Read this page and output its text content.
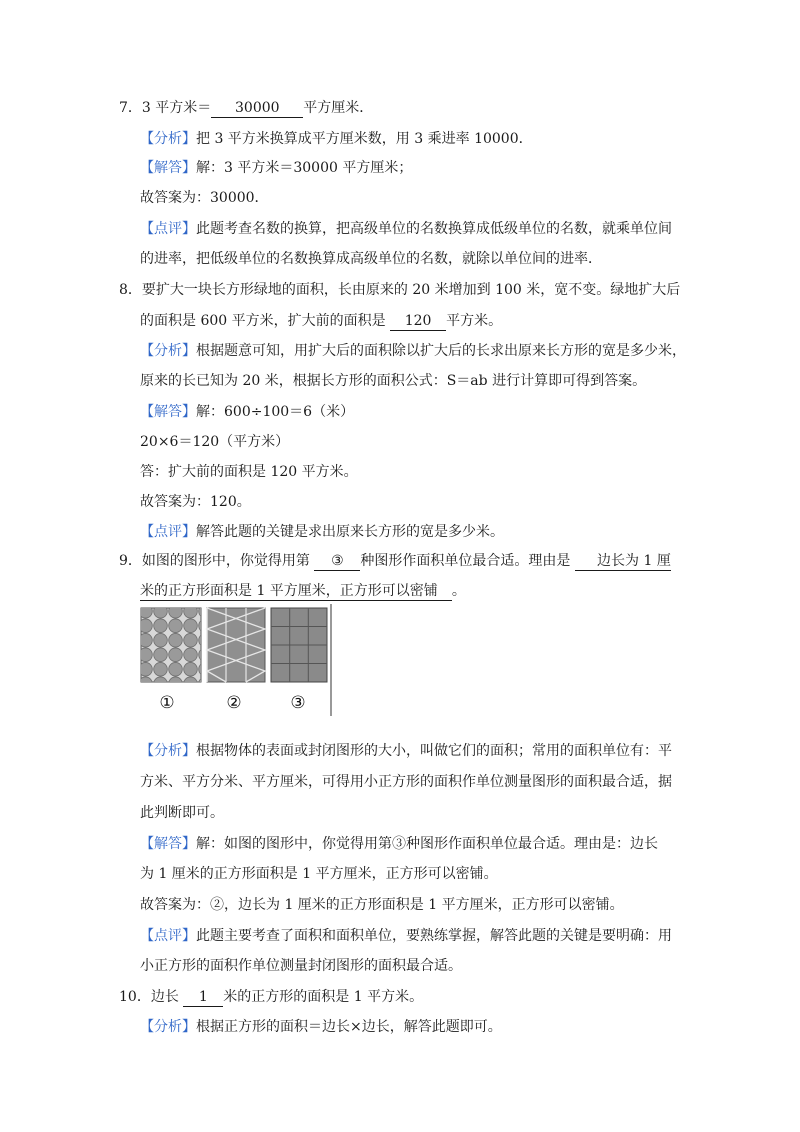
7．3 平方米＝ 30000 平方厘米．
【分析】把 3 平方米换算成平方厘米数，用 3 乘进率 10000．
【解答】解：3 平方米＝30000 平方厘米；
故答案为：30000．
【点评】此题考查名数的换算，把高级单位的名数换算成低级单位的名数，就乘单位间
的进率，把低级单位的名数换算成高级单位的名数，就除以单位间的进率．
8．要扩大一块长方形绿地的面积，长由原来的 20 米增加到 100 米，宽不变。绿地扩大后
的面积是 600 平方米，扩大前的面积是 120 平方米。
【分析】根据题意可知，用扩大后的面积除以扩大后的长求出原来长方形的宽是多少米，
原来的长已知为 20 米，根据长方形的面积公式：S＝ab 进行计算即可得到答案。
【解答】解：600÷100＝6（米）
20×6＝120（平方米）
答：扩大前的面积是 120 平方米。
故答案为：120。
【点评】解答此题的关键是求出原来长方形的宽是多少米。
9．如图的图形中，你觉得用第 ③ 种图形作面积单位最合适。理由是 边长为 1 厘
米的正方形面积是 1 平方厘米，正方形可以密铺 。
①	②	③
【分析】根据物体的表面或封闭图形的大小，叫做它们的面积；常用的面积单位有：平
方米、平方分米、平方厘米，可得用小正方形的面积作单位测量图形的面积最合适，据
此判断即可。
【解答】解：如图的图形中，你觉得用第③种图形作面积单位最合适。理由是：边长
为 1 厘米的正方形面积是 1 平方厘米，正方形可以密铺。
故答案为：②，边长为 1 厘米的正方形面积是 1 平方厘米，正方形可以密铺。
【点评】此题主要考查了面积和面积单位，要熟练掌握，解答此题的关键是要明确：用
小正方形的面积作单位测量封闭图形的面积最合适。
10．边长 1 米的正方形的面积是 1 平方米。
【分析】根据正方形的面积＝边长×边长，解答此题即可。
